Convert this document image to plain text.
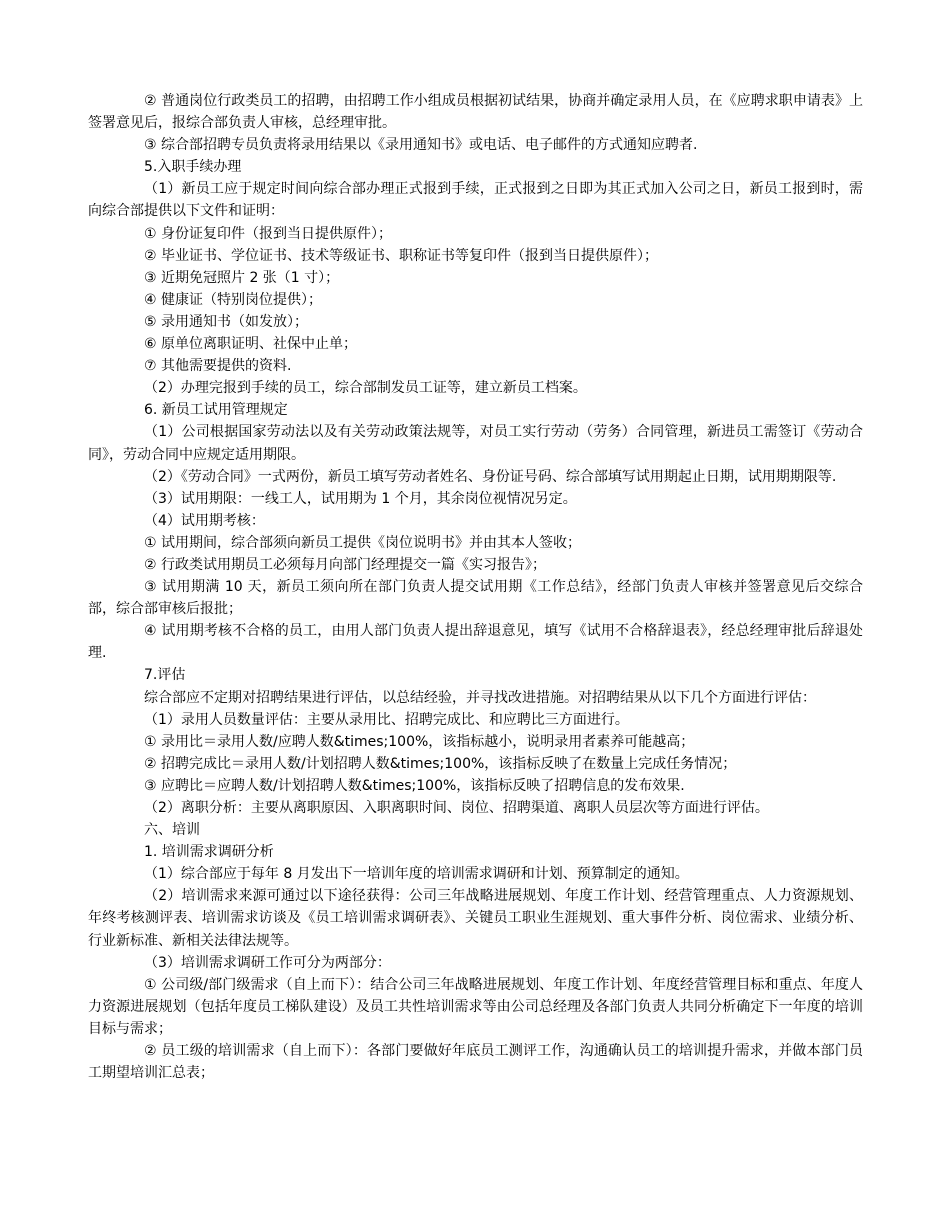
② 普通岗位行政类员工的招聘，由招聘工作小组成员根据初试结果，协商并确定录用人员，在《应聘求职申请表》上签署意见后，报综合部负责人审核，总经理审批。

③ 综合部招聘专员负责将录用结果以《录用通知书》或电话、电子邮件的方式通知应聘者.

5.入职手续办理

（1）新员工应于规定时间向综合部办理正式报到手续，正式报到之日即为其正式加入公司之日，新员工报到时，需向综合部提供以下文件和证明：

① 身份证复印件（报到当日提供原件）；

② 毕业证书、学位证书、技术等级证书、职称证书等复印件（报到当日提供原件）；

③ 近期免冠照片 2 张（1 寸）；

④ 健康证（特别岗位提供）；

⑤ 录用通知书（如发放）；

⑥ 原单位离职证明、社保中止单；

⑦ 其他需要提供的资料.

（2）办理完报到手续的员工，综合部制发员工证等，建立新员工档案。

6. 新员工试用管理规定

（1）公司根据国家劳动法以及有关劳动政策法规等，对员工实行劳动（劳务）合同管理，新进员工需签订《劳动合同》，劳动合同中应规定适用期限。

（2）《劳动合同》一式两份，新员工填写劳动者姓名、身份证号码、综合部填写试用期起止日期，试用期期限等.

（3）试用期限：一线工人，试用期为 1 个月，其余岗位视情况另定。

（4）试用期考核：

① 试用期间，综合部须向新员工提供《岗位说明书》并由其本人签收；

② 行政类试用期员工必须每月向部门经理提交一篇《实习报告》；

③ 试用期满 10 天，新员工须向所在部门负责人提交试用期《工作总结》，经部门负责人审核并签署意见后交综合部，综合部审核后报批；

④ 试用期考核不合格的员工，由用人部门负责人提出辞退意见，填写《试用不合格辞退表》，经总经理审批后辞退处理.

7.评估

综合部应不定期对招聘结果进行评估，以总结经验，并寻找改进措施。对招聘结果从以下几个方面进行评估：

（1）录用人员数量评估：主要从录用比、招聘完成比、和应聘比三方面进行。

① 录用比＝录用人数/应聘人数&times;100%，该指标越小，说明录用者素养可能越高；

② 招聘完成比＝录用人数/计划招聘人数&times;100%，该指标反映了在数量上完成任务情况；

③ 应聘比＝应聘人数/计划招聘人数&times;100%，该指标反映了招聘信息的发布效果.

（2）离职分析：主要从离职原因、入职离职时间、岗位、招聘渠道、离职人员层次等方面进行评估。

六、培训

1. 培训需求调研分析

（1）综合部应于每年 8 月发出下一培训年度的培训需求调研和计划、预算制定的通知。

（2）培训需求来源可通过以下途径获得：公司三年战略进展规划、年度工作计划、经营管理重点、人力资源规划、年终考核测评表、培训需求访谈及《员工培训需求调研表》、关键员工职业生涯规划、重大事件分析、岗位需求、业绩分析、行业新标准、新相关法律法规等。

（3）培训需求调研工作可分为两部分：

① 公司级/部门级需求（自上而下）：结合公司三年战略进展规划、年度工作计划、年度经营管理目标和重点、年度人力资源进展规划（包括年度员工梯队建设）及员工共性培训需求等由公司总经理及各部门负责人共同分析确定下一年度的培训目标与需求；

② 员工级的培训需求（自上而下）：各部门要做好年底员工测评工作，沟通确认员工的培训提升需求，并做本部门员工期望培训汇总表；
